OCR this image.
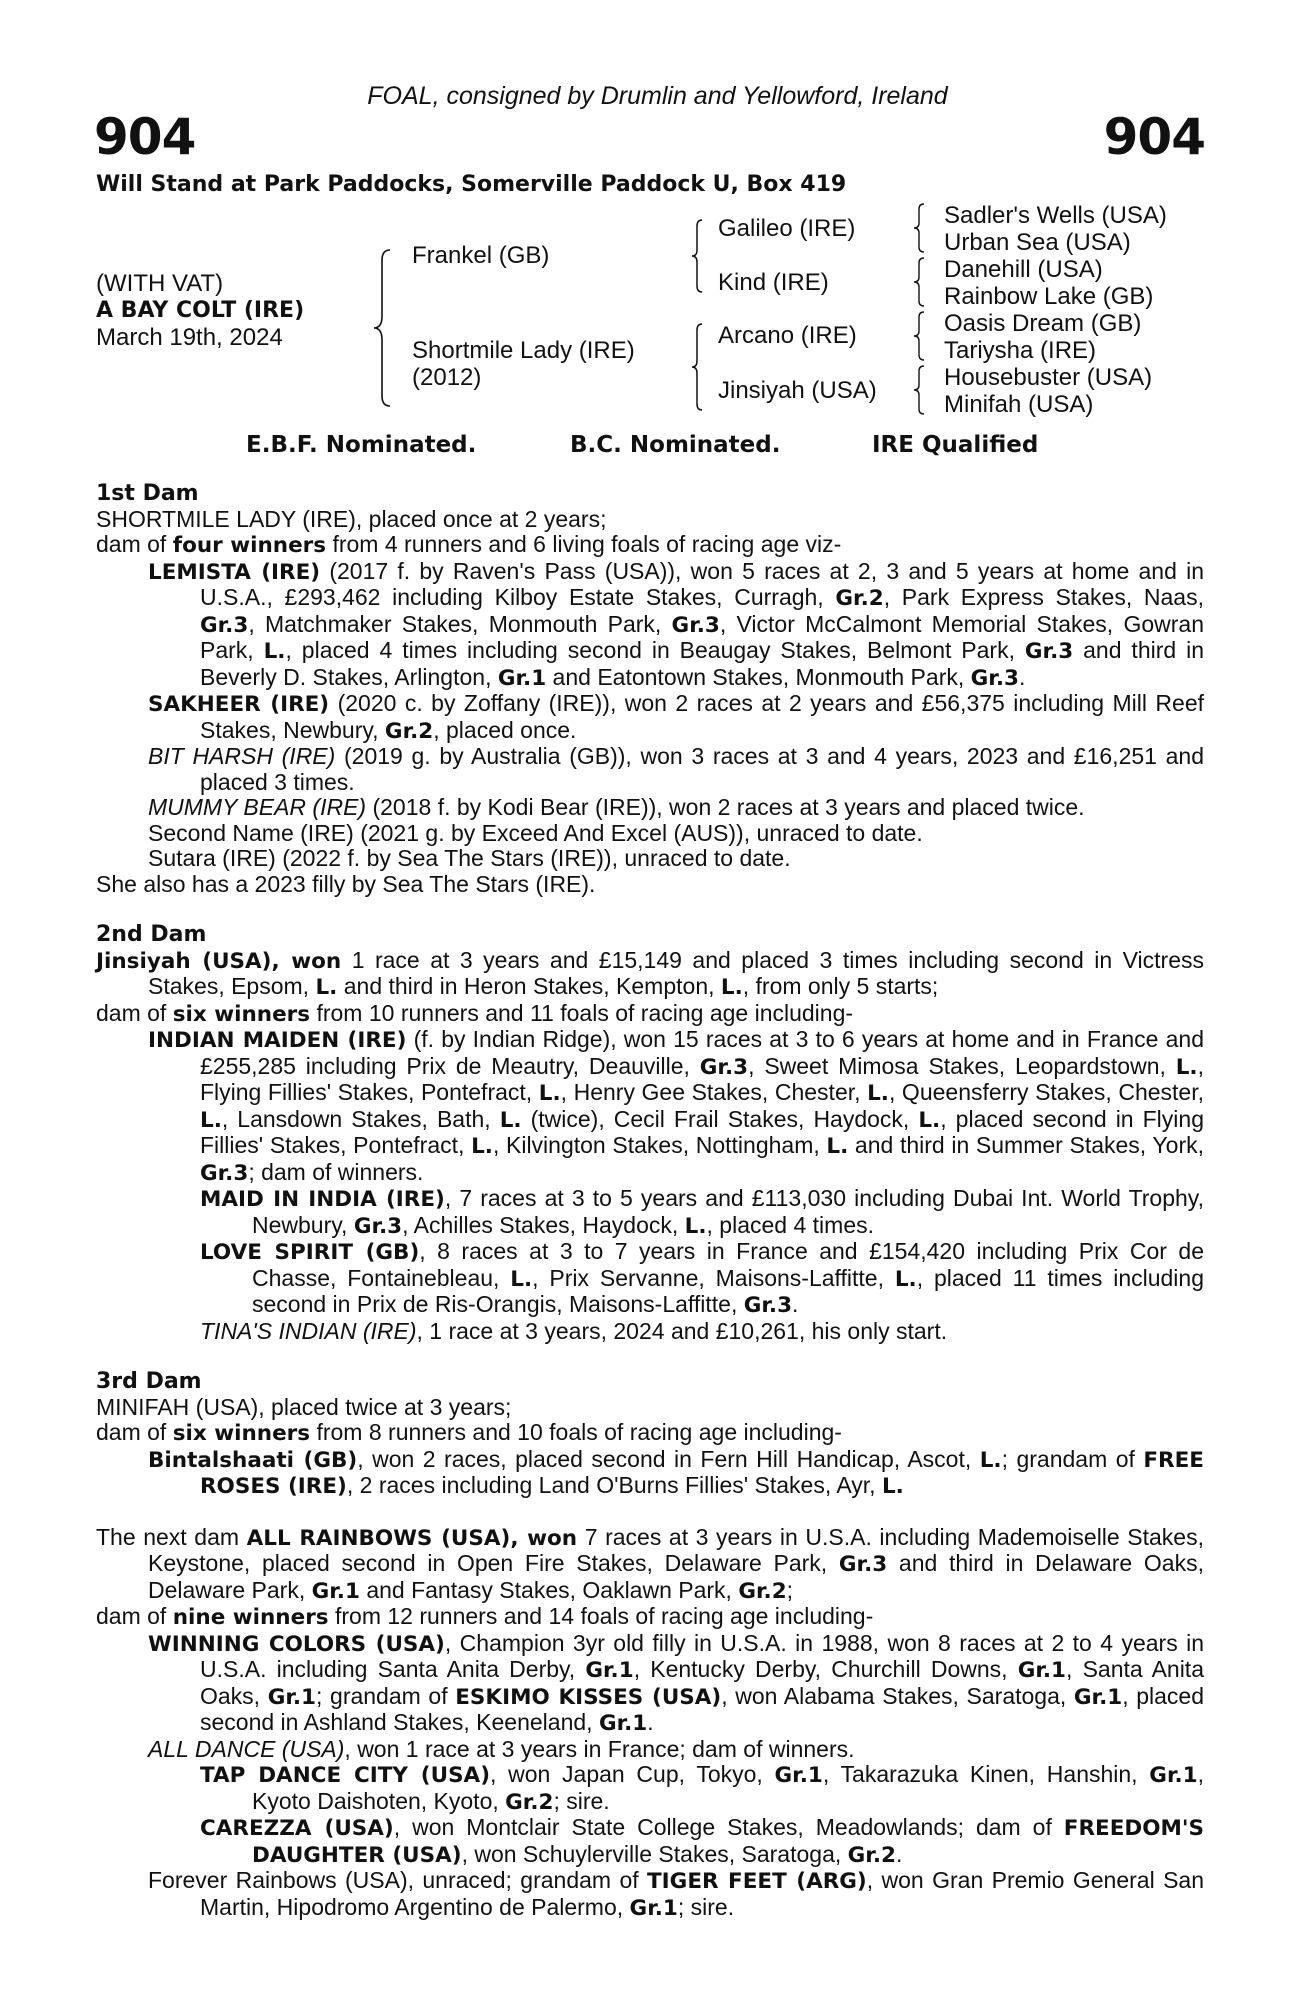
FOAL, consigned by Drumlin and Yellowford, Ireland
904	904
Will Stand at Park Paddocks, Somerville Paddock U, Box 419
(WITH VAT)
A BAY COLT (IRE)
March 19th, 2024
Frankel (GB)
Shortmile Lady (IRE)
(2012)
Galileo (IRE)
Kind (IRE)
Arcano (IRE)
Jinsiyah (USA)
Sadler's Wells (USA)
Urban Sea (USA)
Danehill (USA)
Rainbow Lake (GB)
Oasis Dream (GB)
Tariysha (IRE)
Housebuster (USA)
Minifah (USA)
E.B.F. Nominated.	B.C. Nominated.	IRE Qualified
1st Dam
SHORTMILE LADY (IRE), placed once at 2 years;
dam of four winners from 4 runners and 6 living foals of racing age viz-
LEMISTA (IRE) (2017 f. by Raven's Pass (USA)), won 5 races at 2, 3 and 5 years at home and in U.S.A., £293,462 including Kilboy Estate Stakes, Curragh, Gr.2, Park Express Stakes, Naas, Gr.3, Matchmaker Stakes, Monmouth Park, Gr.3, Victor McCalmont Memorial Stakes, Gowran Park, L., placed 4 times including second in Beaugay Stakes, Belmont Park, Gr.3 and third in Beverly D. Stakes, Arlington, Gr.1 and Eatontown Stakes, Monmouth Park, Gr.3.
SAKHEER (IRE) (2020 c. by Zoffany (IRE)), won 2 races at 2 years and £56,375 including Mill Reef Stakes, Newbury, Gr.2, placed once.
BIT HARSH (IRE) (2019 g. by Australia (GB)), won 3 races at 3 and 4 years, 2023 and £16,251 and placed 3 times.
MUMMY BEAR (IRE) (2018 f. by Kodi Bear (IRE)), won 2 races at 3 years and placed twice.
Second Name (IRE) (2021 g. by Exceed And Excel (AUS)), unraced to date.
Sutara (IRE) (2022 f. by Sea The Stars (IRE)), unraced to date.
She also has a 2023 filly by Sea The Stars (IRE).
2nd Dam
Jinsiyah (USA), won 1 race at 3 years and £15,149 and placed 3 times including second in Victress Stakes, Epsom, L. and third in Heron Stakes, Kempton, L., from only 5 starts;
dam of six winners from 10 runners and 11 foals of racing age including-
INDIAN MAIDEN (IRE) (f. by Indian Ridge), won 15 races at 3 to 6 years at home and in France and £255,285 including Prix de Meautry, Deauville, Gr.3, Sweet Mimosa Stakes, Leopardstown, L., Flying Fillies' Stakes, Pontefract, L., Henry Gee Stakes, Chester, L., Queensferry Stakes, Chester, L., Lansdown Stakes, Bath, L. (twice), Cecil Frail Stakes, Haydock, L., placed second in Flying Fillies' Stakes, Pontefract, L., Kilvington Stakes, Nottingham, L. and third in Summer Stakes, York, Gr.3; dam of winners.
MAID IN INDIA (IRE), 7 races at 3 to 5 years and £113,030 including Dubai Int. World Trophy, Newbury, Gr.3, Achilles Stakes, Haydock, L., placed 4 times.
LOVE SPIRIT (GB), 8 races at 3 to 7 years in France and £154,420 including Prix Cor de Chasse, Fontainebleau, L., Prix Servanne, Maisons-Laffitte, L., placed 11 times including second in Prix de Ris-Orangis, Maisons-Laffitte, Gr.3.
TINA'S INDIAN (IRE), 1 race at 3 years, 2024 and £10,261, his only start.
3rd Dam
MINIFAH (USA), placed twice at 3 years;
dam of six winners from 8 runners and 10 foals of racing age including-
Bintalshaati (GB), won 2 races, placed second in Fern Hill Handicap, Ascot, L.; grandam of FREE ROSES (IRE), 2 races including Land O'Burns Fillies' Stakes, Ayr, L.
The next dam ALL RAINBOWS (USA), won 7 races at 3 years in U.S.A. including Mademoiselle Stakes, Keystone, placed second in Open Fire Stakes, Delaware Park, Gr.3 and third in Delaware Oaks, Delaware Park, Gr.1 and Fantasy Stakes, Oaklawn Park, Gr.2;
dam of nine winners from 12 runners and 14 foals of racing age including-
WINNING COLORS (USA), Champion 3yr old filly in U.S.A. in 1988, won 8 races at 2 to 4 years in U.S.A. including Santa Anita Derby, Gr.1, Kentucky Derby, Churchill Downs, Gr.1, Santa Anita Oaks, Gr.1; grandam of ESKIMO KISSES (USA), won Alabama Stakes, Saratoga, Gr.1, placed second in Ashland Stakes, Keeneland, Gr.1.
ALL DANCE (USA), won 1 race at 3 years in France; dam of winners.
TAP DANCE CITY (USA), won Japan Cup, Tokyo, Gr.1, Takarazuka Kinen, Hanshin, Gr.1, Kyoto Daishoten, Kyoto, Gr.2; sire.
CAREZZA (USA), won Montclair State College Stakes, Meadowlands; dam of FREEDOM'S DAUGHTER (USA), won Schuylerville Stakes, Saratoga, Gr.2.
Forever Rainbows (USA), unraced; grandam of TIGER FEET (ARG), won Gran Premio General San Martin, Hipodromo Argentino de Palermo, Gr.1; sire.
